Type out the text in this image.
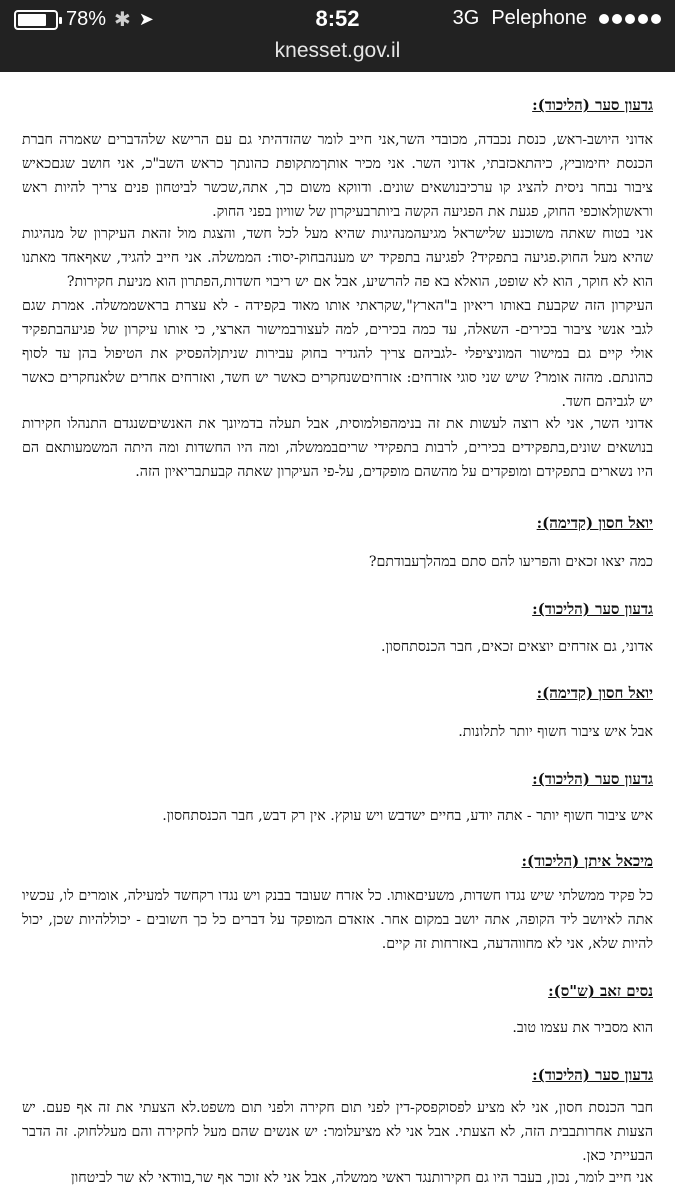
78% ✱ ➤	8:52	3G Pelephone
knesset.gov.il
גדעון סער (הליכוד):
אדוני היושב-ראש, כנסת נכבדה, מכובדי השר,אני חייב לומר שהזדהיתי גם עם הרישא שלהדברים שאמרה חברת הכנסת יחימוביץ, כיהתאכזבתי, אדוני השר. אני מכיר אותךמתקופת כהונתך כראש השב"כ, אני חושב שגםכאיש ציבור נבחר ניסית להציג קו ערכיבנושאים שונים. ודווקא משום כך, אתה,שכשר לביטחון פנים צריך להיות ראש וראשוןלאוכפי החוק, פגעת את הפגיעה הקשה ביותרבעיקרון של שוויון בפני החוק.
אני בטוח שאתה משוכנע שלישראל מגיעהמנהיגות שהיא מעל לכל חשד, והצגת מול זהאת העיקרון של מנהיגות שהיא מעל החוק.פגיעה בתפקיד? לפגיעה בתפקיד יש מענהבחוק-יסוד: הממשלה. אני חייב להגיד, שאףאחד מאתנו הוא לא חוקר, הוא לא שופט, הואלא בא פה להרשיע, אבל אם יש ריבוי חשדות,הפתרון הוא מניעת חקירות?
העיקרון הזה שקבעת באותו ריאיון ב"הארץ",שקראתי אותו מאוד בקפידה - לא עצרת בראשממשלה. אמרת שגם לגבי אנשי ציבור בכירים- השאלה, עד כמה בכירים, למה לעצורבמישור הארצי, כי אותו עיקרון של פגיעהבתפקיד אולי קיים גם במישור המוניציפלי -לגביהם צריך להגדיר בחוק עבירות שניתןלהפסיק את הטיפול בהן עד לסוף כהונתם. מהזה אומר? שיש שני סוגי אזרחים: אזרחיםשנחקרים כאשר יש חשד, ואזרחים אחרים שלאנחקרים כאשר יש לגביהם חשד.
אדוני השר, אני לא רוצה לעשות את זה בנימהפולמוסית, אבל תעלה בדמיונך את האנשיםשנגדם התנהלו חקירות בנושאים שונים,בתפקידים בכירים, לרבות בתפקידי שריםבממשלה, ומה היו החשדות ומה היתה המשמעותאם הם היו נשארים בתפקידם ומופקדים על מהשהם מופקדים, על-פי העיקרון שאתה קבעתבריאיון הזה.
יואל חסון (קדימה):
כמה יצאו זכאים והפריעו להם סתם במהלךעבודתם?
גדעון סער (הליכוד):
אדוני, גם אזרחים יוצאים זכאים, חבר הכנסתחסון.
יואל חסון (קדימה):
אבל איש ציבור חשוף יותר לתלונות.
גדעון סער (הליכוד):
איש ציבור חשוף יותר - אתה יודע, בחיים ישדבש ויש עוקץ. אין רק דבש, חבר הכנסתחסון.
מיכאל איתן (הליכוד):
כל פקיד ממשלתי שיש נגדו חשדות, משעיםאותו. כל אזרח שעובד בבנק ויש נגדו רקחשד למעילה, אומרים לו, עכשיו אתה לאיושב ליד הקופה, אתה יושב במקום אחר. אזאדם המופקד על דברים כל כך חשובים - יכוללהיות שכן, יכול להיות שלא, אני לא מחווהדעה, באזרחות זה קיים.
נסים זאב (ש"ס):
הוא מסביר את עצמו טוב.
גדעון סער (הליכוד):
חבר הכנסת חסון, אני לא מציע לפסוקפסק-דין לפני תום חקירה ולפני תום משפט.לא הצעתי את זה אף פעם. יש הצעות אחרותבבית הזה, לא הצעתי. אבל אני לא מציעלומר: יש אנשים שהם מעל לחקירה והם מעללחוק. זה הדבר הבעייתי כאן.
אני חייב לומר, נכון, בעבר היו גם חקירותנגד ראשי ממשלה, אבל אני לא זוכר אף שר,בוודאי לא שר לביטחון
